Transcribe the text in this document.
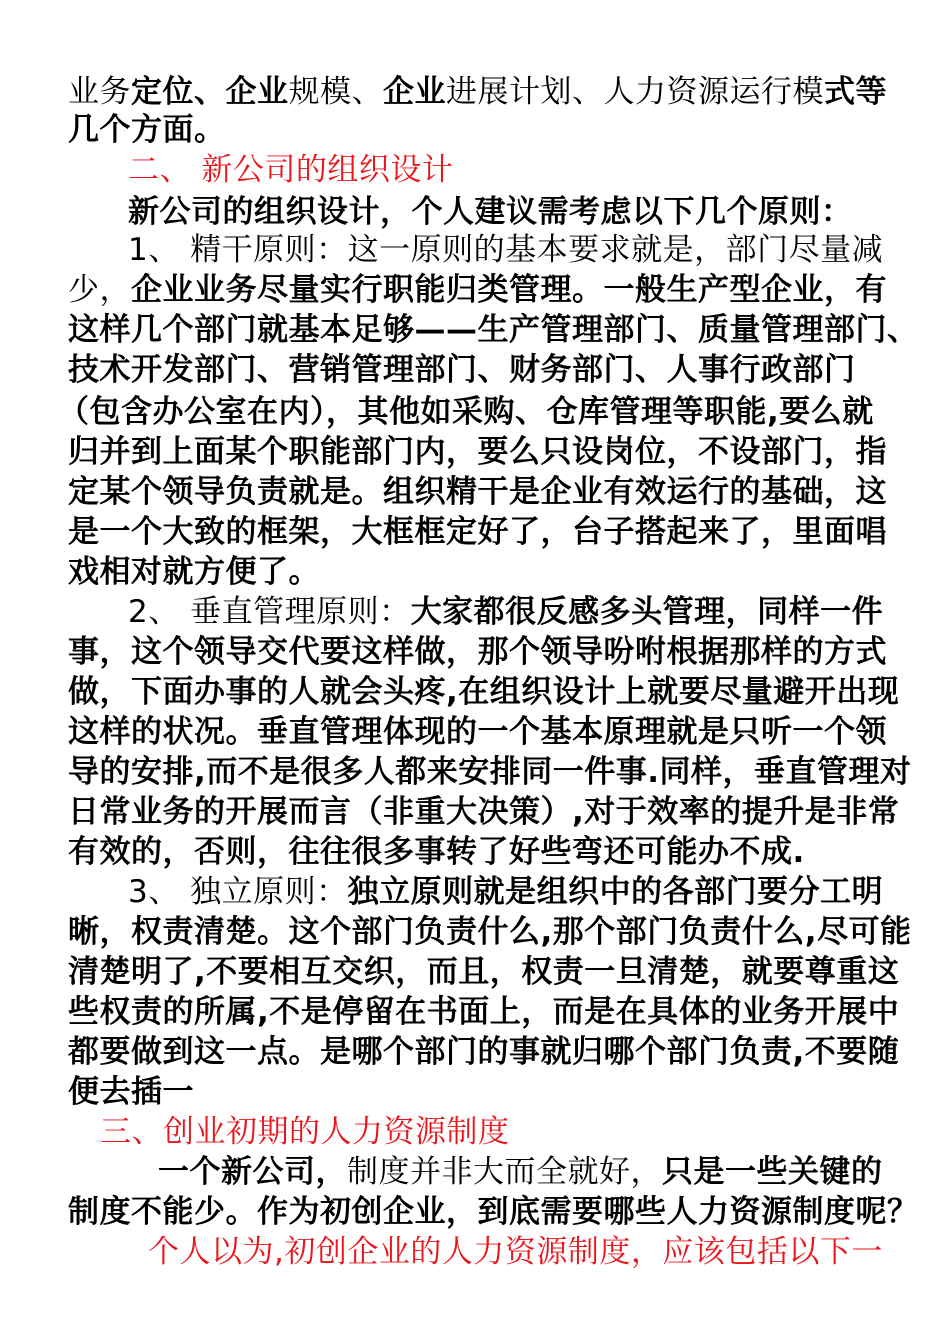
业务定位、企业规模、企业进展计划、人力资源运行模式等
几个方面。
二、 新公司的组织设计
新公司的组织设计，个人建议需考虑以下几个原则：
1、 精干原则：这一原则的基本要求就是，部门尽量减
少，企业业务尽量实行职能归类管理。一般生产型企业，有
这样几个部门就基本足够——生产管理部门、质量管理部门、
技术开发部门、营销管理部门、财务部门、人事行政部门
（包含办公室在内），其他如采购、仓库管理等职能,要么就
归并到上面某个职能部门内，要么只设岗位，不设部门，指
定某个领导负责就是。组织精干是企业有效运行的基础，这
是一个大致的框架，大框框定好了，台子搭起来了，里面唱
戏相对就方便了。
2、 垂直管理原则：大家都很反感多头管理，同样一件
事，这个领导交代要这样做，那个领导吩咐根据那样的方式
做，下面办事的人就会头疼,在组织设计上就要尽量避开出现
这样的状况。垂直管理体现的一个基本原理就是只听一个领
导的安排,而不是很多人都来安排同一件事.同样，垂直管理对
日常业务的开展而言（非重大决策）,对于效率的提升是非常
有效的，否则，往往很多事转了好些弯还可能办不成.
3、 独立原则：独立原则就是组织中的各部门要分工明
晰，权责清楚。这个部门负责什么,那个部门负责什么,尽可能
清楚明了,不要相互交织，而且，权责一旦清楚，就要尊重这
些权责的所属,不是停留在书面上，而是在具体的业务开展中
都要做到这一点。是哪个部门的事就归哪个部门负责,不要随
便去插一
三、创业初期的人力资源制度
一个新公司，制度并非大而全就好，只是一些关键的
制度不能少。作为初创企业，到底需要哪些人力资源制度呢？
个人以为,初创企业的人力资源制度，应该包括以下一
